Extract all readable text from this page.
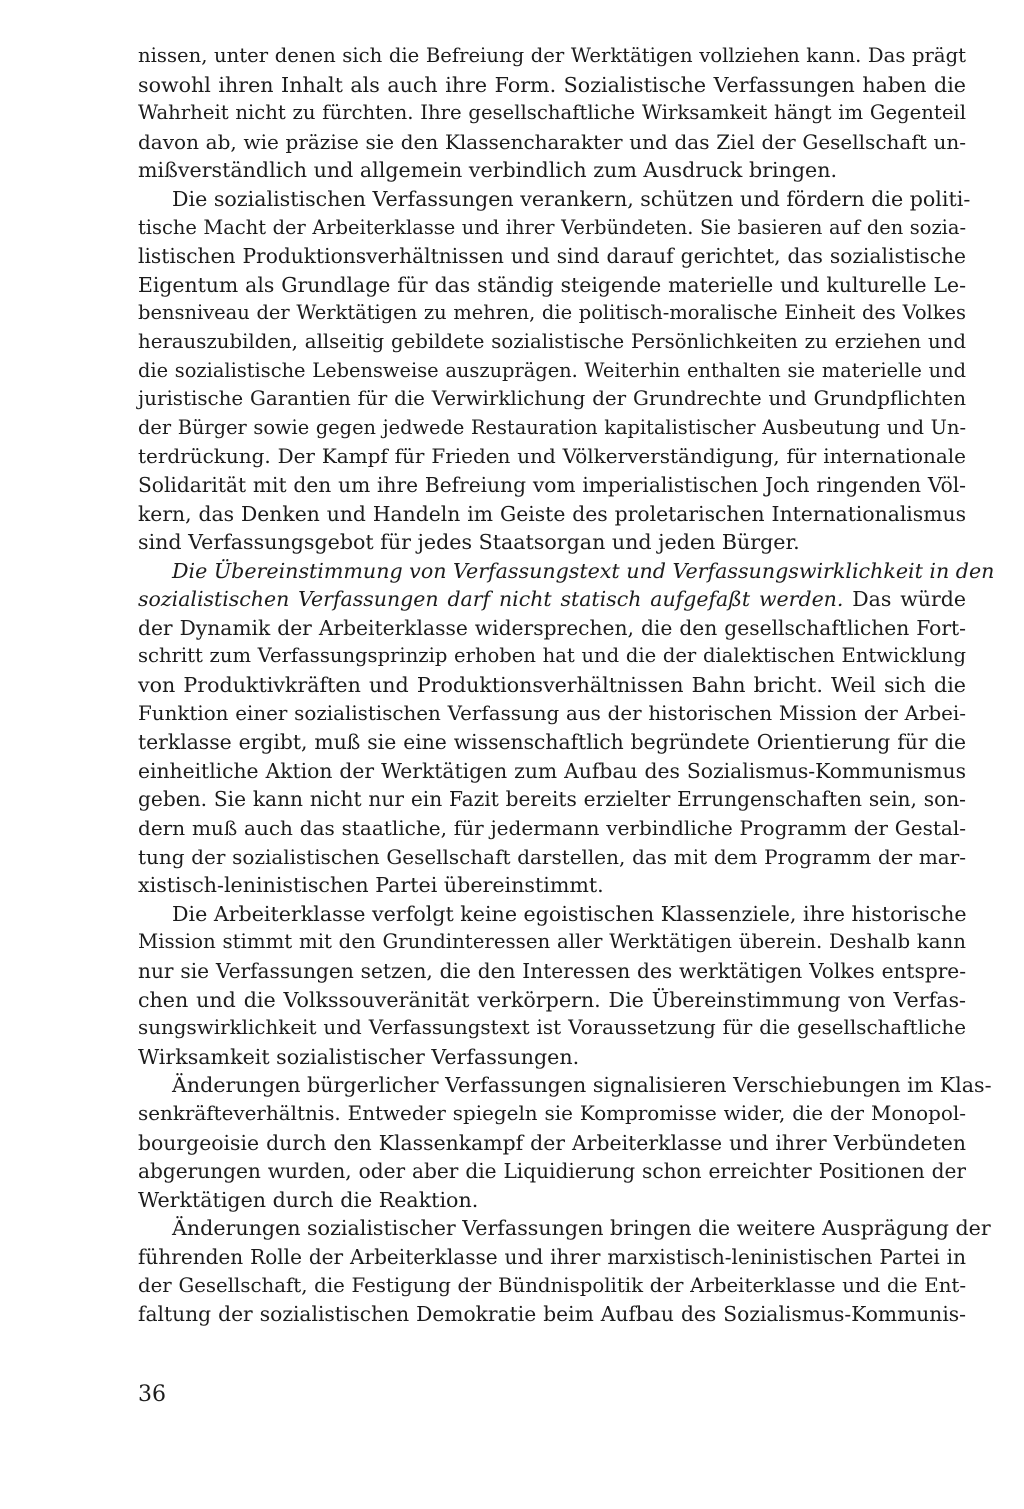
nissen, unter denen sich die Befreiung der Werktätigen vollziehen kann. Das prägt
sowohl ihren Inhalt als auch ihre Form. Sozialistische Verfassungen haben die
Wahrheit nicht zu fürchten. Ihre gesellschaftliche Wirksamkeit hängt im Gegenteil
davon ab, wie präzise sie den Klassencharakter und das Ziel der Gesellschaft un-
mißverständlich und allgemein verbindlich zum Ausdruck bringen.
Die sozialistischen Verfassungen verankern, schützen und fördern die politi-
tische Macht der Arbeiterklasse und ihrer Verbündeten. Sie basieren auf den sozia-
listischen Produktionsverhältnissen und sind darauf gerichtet, das sozialistische
Eigentum als Grundlage für das ständig steigende materielle und kulturelle Le-
bensniveau der Werktätigen zu mehren, die politisch-moralische Einheit des Volkes
herauszubilden, allseitig gebildete sozialistische Persönlichkeiten zu erziehen und
die sozialistische Lebensweise auszuprägen. Weiterhin enthalten sie materielle und
juristische Garantien für die Verwirklichung der Grundrechte und Grundpflichten
der Bürger sowie gegen jedwede Restauration kapitalistischer Ausbeutung und Un-
terdrückung. Der Kampf für Frieden und Völkerverständigung, für internationale
Solidarität mit den um ihre Befreiung vom imperialistischen Joch ringenden Völ-
kern, das Denken und Handeln im Geiste des proletarischen Internationalismus
sind Verfassungsgebot für jedes Staatsorgan und jeden Bürger.
Die Übereinstimmung von Verfassungstext und Verfassungswirklichkeit in den
sozialistischen Verfassungen darf nicht statisch aufgefaßt werden. Das würde
der Dynamik der Arbeiterklasse widersprechen, die den gesellschaftlichen Fort-
schritt zum Verfassungsprinzip erhoben hat und die der dialektischen Entwicklung
von Produktivkräften und Produktionsverhältnissen Bahn bricht. Weil sich die
Funktion einer sozialistischen Verfassung aus der historischen Mission der Arbei-
terklasse ergibt, muß sie eine wissenschaftlich begründete Orientierung für die
einheitliche Aktion der Werktätigen zum Aufbau des Sozialismus-Kommunismus
geben. Sie kann nicht nur ein Fazit bereits erzielter Errungenschaften sein, son-
dern muß auch das staatliche, für jedermann verbindliche Programm der Gestal-
tung der sozialistischen Gesellschaft darstellen, das mit dem Programm der mar-
xistisch-leninistischen Partei übereinstimmt.
Die Arbeiterklasse verfolgt keine egoistischen Klassenziele, ihre historische
Mission stimmt mit den Grundinteressen aller Werktätigen überein. Deshalb kann
nur sie Verfassungen setzen, die den Interessen des werktätigen Volkes entspre-
chen und die Volkssouveränität verkörpern. Die Übereinstimmung von Verfas-
sungswirklichkeit und Verfassungstext ist Voraussetzung für die gesellschaftliche
Wirksamkeit sozialistischer Verfassungen.
Änderungen bürgerlicher Verfassungen signalisieren Verschiebungen im Klas-
senkräfteverhältnis. Entweder spiegeln sie Kompromisse wider, die der Monopol-
bourgeoisie durch den Klassenkampf der Arbeiterklasse und ihrer Verbündeten
abgerungen wurden, oder aber die Liquidierung schon erreichter Positionen der
Werktätigen durch die Reaktion.
Änderungen sozialistischer Verfassungen bringen die weitere Ausprägung der
führenden Rolle der Arbeiterklasse und ihrer marxistisch-leninistischen Partei in
der Gesellschaft, die Festigung der Bündnispolitik der Arbeiterklasse und die Ent-
faltung der sozialistischen Demokratie beim Aufbau des Sozialismus-Kommunis-
36
